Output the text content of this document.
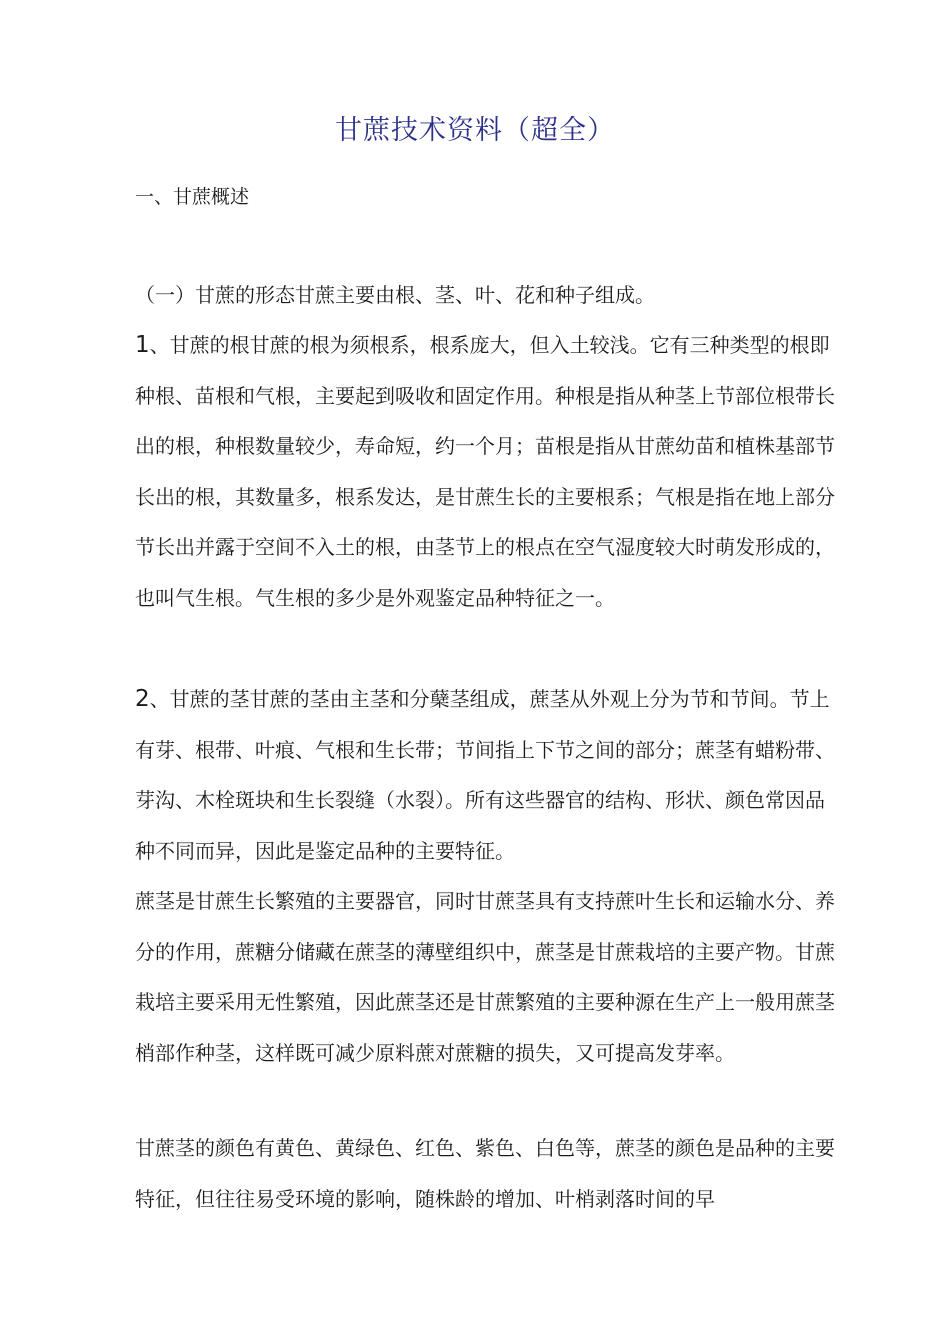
甘蔗技术资料（超全）
一、甘蔗概述

（一）甘蔗的形态甘蔗主要由根、茎、叶、花和种子组成。

1、甘蔗的根甘蔗的根为须根系，根系庞大，但入土较浅。它有三种类型的根即种根、苗根和气根，主要起到吸收和固定作用。种根是指从种茎上节部位根带长出的根，种根数量较少，寿命短，约一个月；苗根是指从甘蔗幼苗和植株基部节长出的根，其数量多，根系发达，是甘蔗生长的主要根系；气根是指在地上部分节长出并露于空间不入土的根，由茎节上的根点在空气湿度较大时萌发形成的，也叫气生根。气生根的多少是外观鉴定品种特征之一。

2、甘蔗的茎甘蔗的茎由主茎和分蘖茎组成，蔗茎从外观上分为节和节间。节上有芽、根带、叶痕、气根和生长带；节间指上下节之间的部分；蔗茎有蜡粉带、芽沟、木栓斑块和生长裂缝（水裂）。所有这些器官的结构、形状、颜色常因品种不同而异，因此是鉴定品种的主要特征。

蔗茎是甘蔗生长繁殖的主要器官，同时甘蔗茎具有支持蔗叶生长和运输水分、养分的作用，蔗糖分储藏在蔗茎的薄壁组织中，蔗茎是甘蔗栽培的主要产物。甘蔗栽培主要采用无性繁殖，因此蔗茎还是甘蔗繁殖的主要种源在生产上一般用蔗茎梢部作种茎，这样既可减少原料蔗对蔗糖的损失，又可提高发芽率。

甘蔗茎的颜色有黄色、黄绿色、红色、紫色、白色等，蔗茎的颜色是品种的主要特征，但往往易受环境的影响，随株龄的增加、叶梢剥落时间的早
